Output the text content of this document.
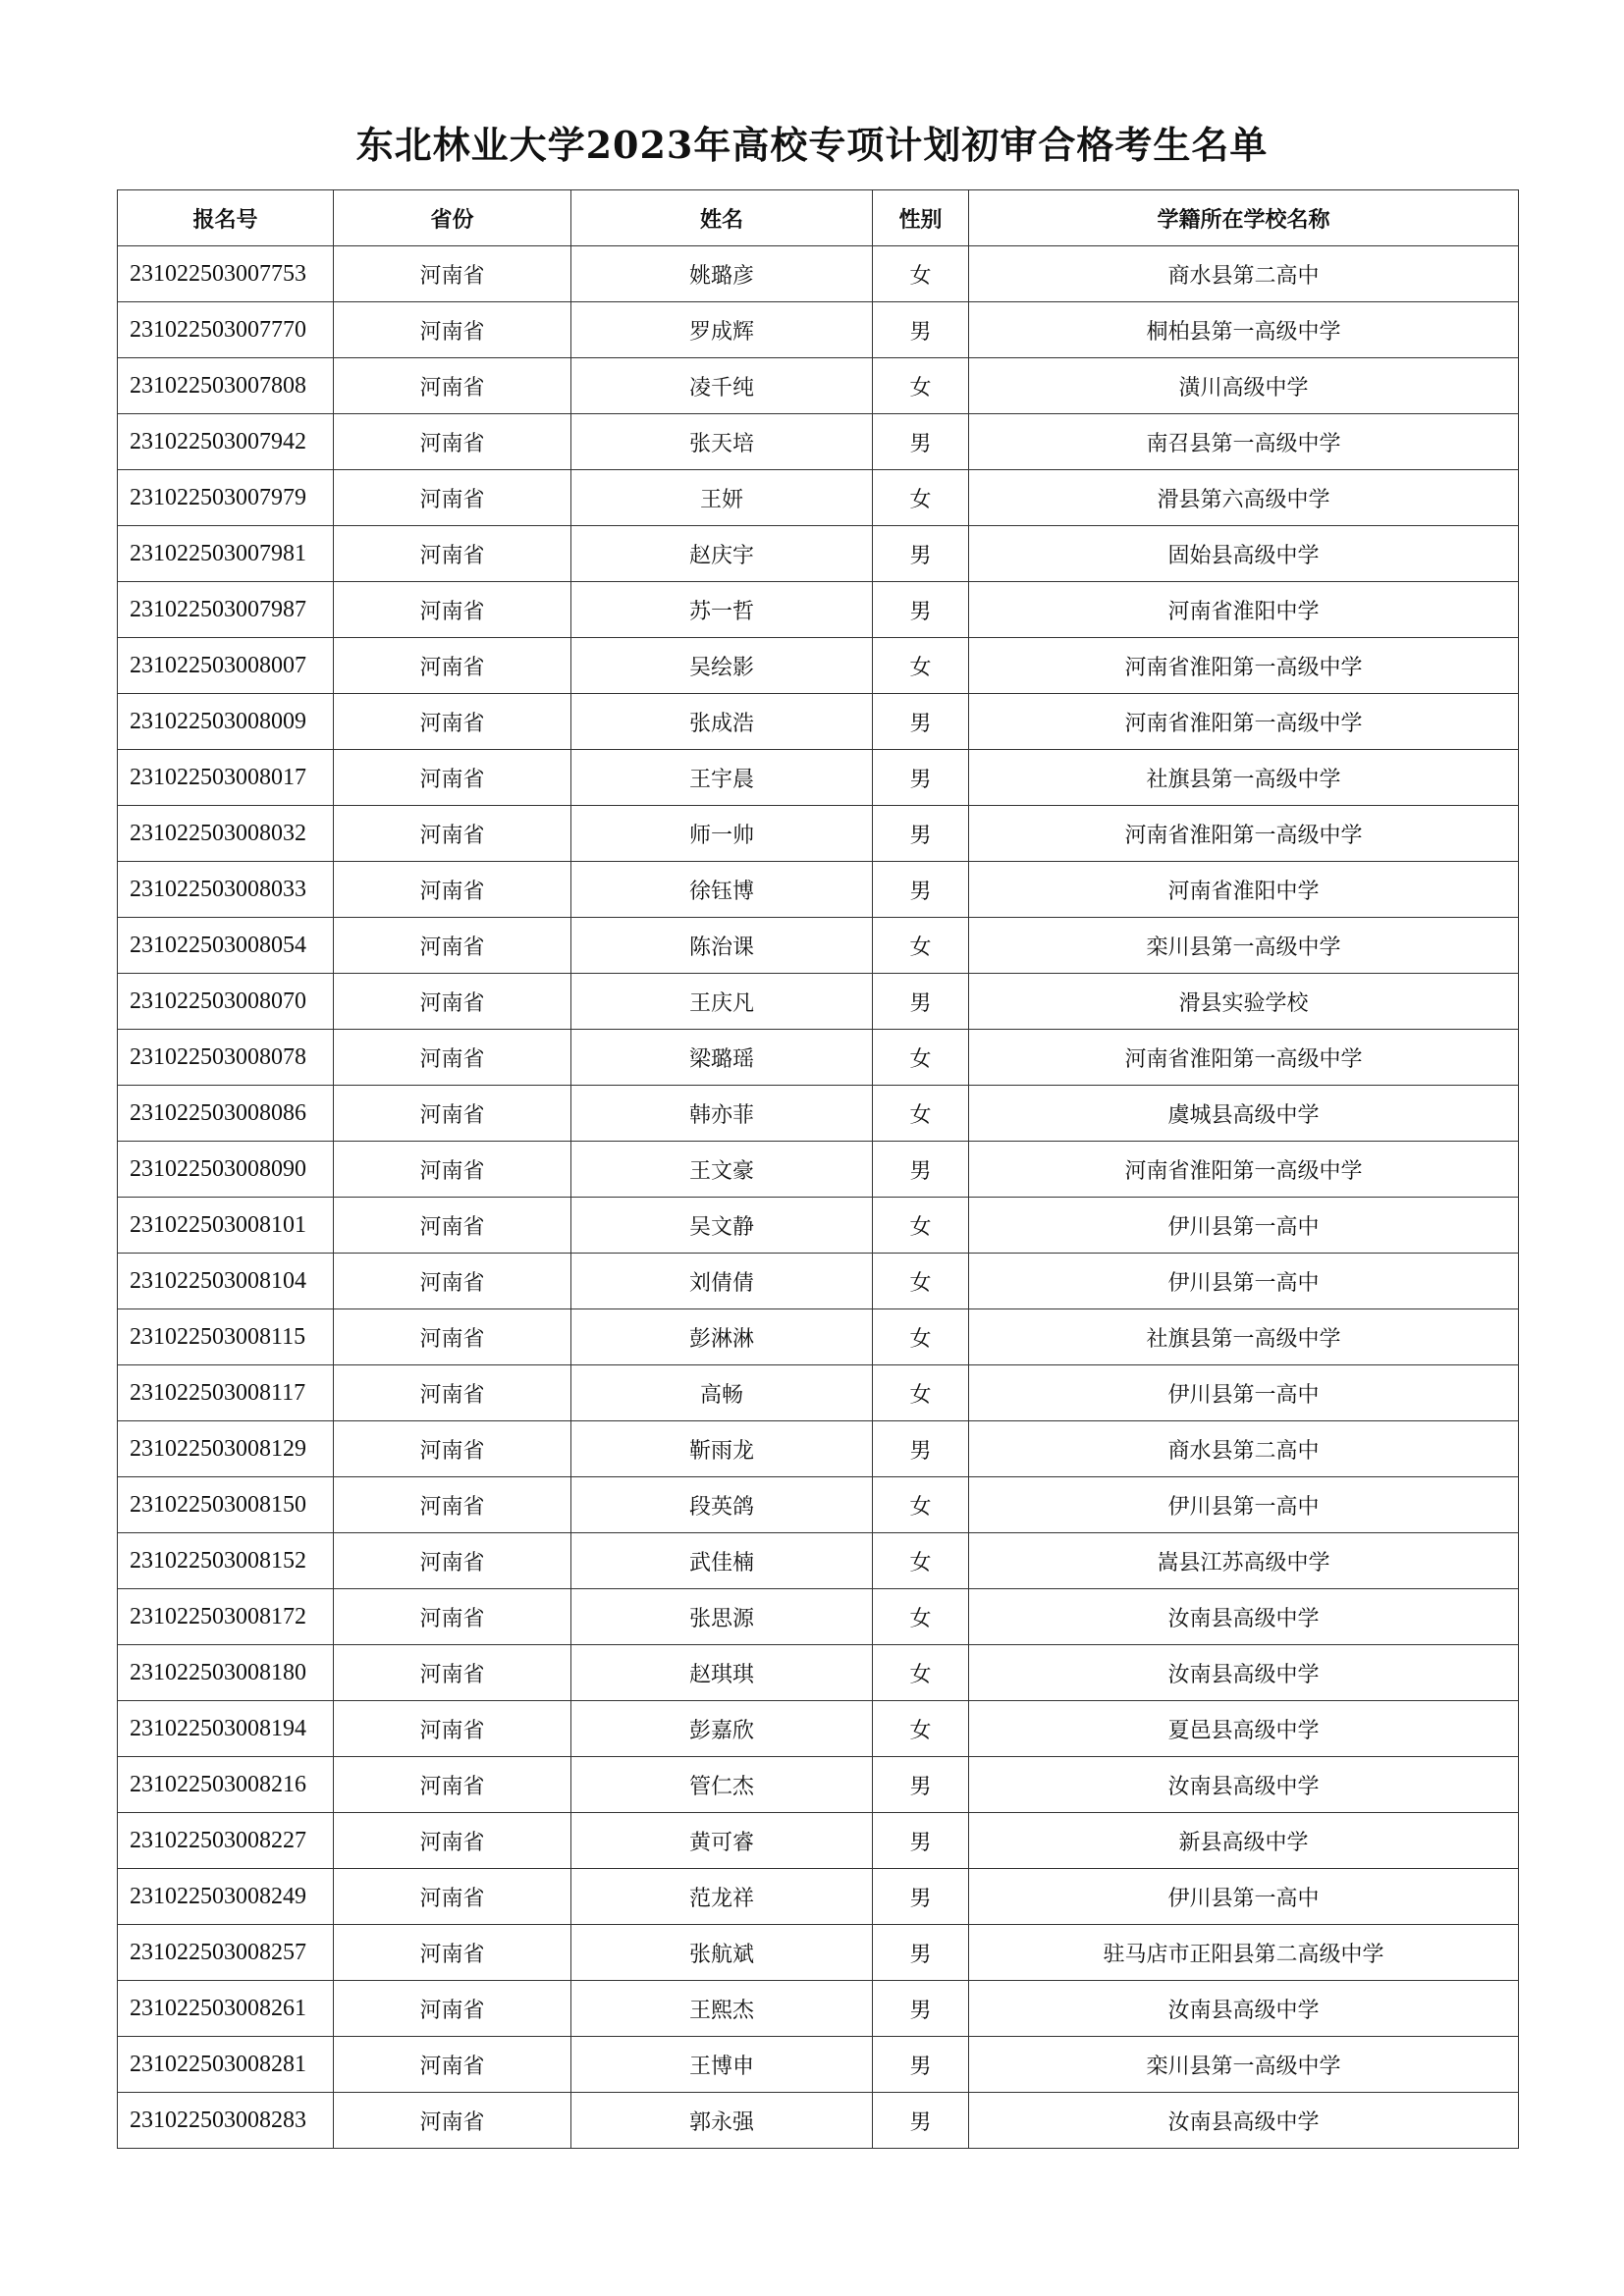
东北林业大学2023年高校专项计划初审合格考生名单
报名号	省份	姓名	性别	学籍所在学校名称
231022503007753	河南省	姚璐彦	女	商水县第二高中
231022503007770	河南省	罗成辉	男	桐柏县第一高级中学
231022503007808	河南省	凌千纯	女	潢川高级中学
231022503007942	河南省	张天培	男	南召县第一高级中学
231022503007979	河南省	王妍	女	滑县第六高级中学
231022503007981	河南省	赵庆宇	男	固始县高级中学
231022503007987	河南省	苏一哲	男	河南省淮阳中学
231022503008007	河南省	吴绘影	女	河南省淮阳第一高级中学
231022503008009	河南省	张成浩	男	河南省淮阳第一高级中学
231022503008017	河南省	王宇晨	男	社旗县第一高级中学
231022503008032	河南省	师一帅	男	河南省淮阳第一高级中学
231022503008033	河南省	徐钰博	男	河南省淮阳中学
231022503008054	河南省	陈治课	女	栾川县第一高级中学
231022503008070	河南省	王庆凡	男	滑县实验学校
231022503008078	河南省	梁璐瑶	女	河南省淮阳第一高级中学
231022503008086	河南省	韩亦菲	女	虞城县高级中学
231022503008090	河南省	王文豪	男	河南省淮阳第一高级中学
231022503008101	河南省	吴文静	女	伊川县第一高中
231022503008104	河南省	刘倩倩	女	伊川县第一高中
231022503008115	河南省	彭淋淋	女	社旗县第一高级中学
231022503008117	河南省	高畅	女	伊川县第一高中
231022503008129	河南省	靳雨龙	男	商水县第二高中
231022503008150	河南省	段英鸽	女	伊川县第一高中
231022503008152	河南省	武佳楠	女	嵩县江苏高级中学
231022503008172	河南省	张思源	女	汝南县高级中学
231022503008180	河南省	赵琪琪	女	汝南县高级中学
231022503008194	河南省	彭嘉欣	女	夏邑县高级中学
231022503008216	河南省	管仁杰	男	汝南县高级中学
231022503008227	河南省	黄可睿	男	新县高级中学
231022503008249	河南省	范龙祥	男	伊川县第一高中
231022503008257	河南省	张航斌	男	驻马店市正阳县第二高级中学
231022503008261	河南省	王熙杰	男	汝南县高级中学
231022503008281	河南省	王博申	男	栾川县第一高级中学
231022503008283	河南省	郭永强	男	汝南县高级中学
